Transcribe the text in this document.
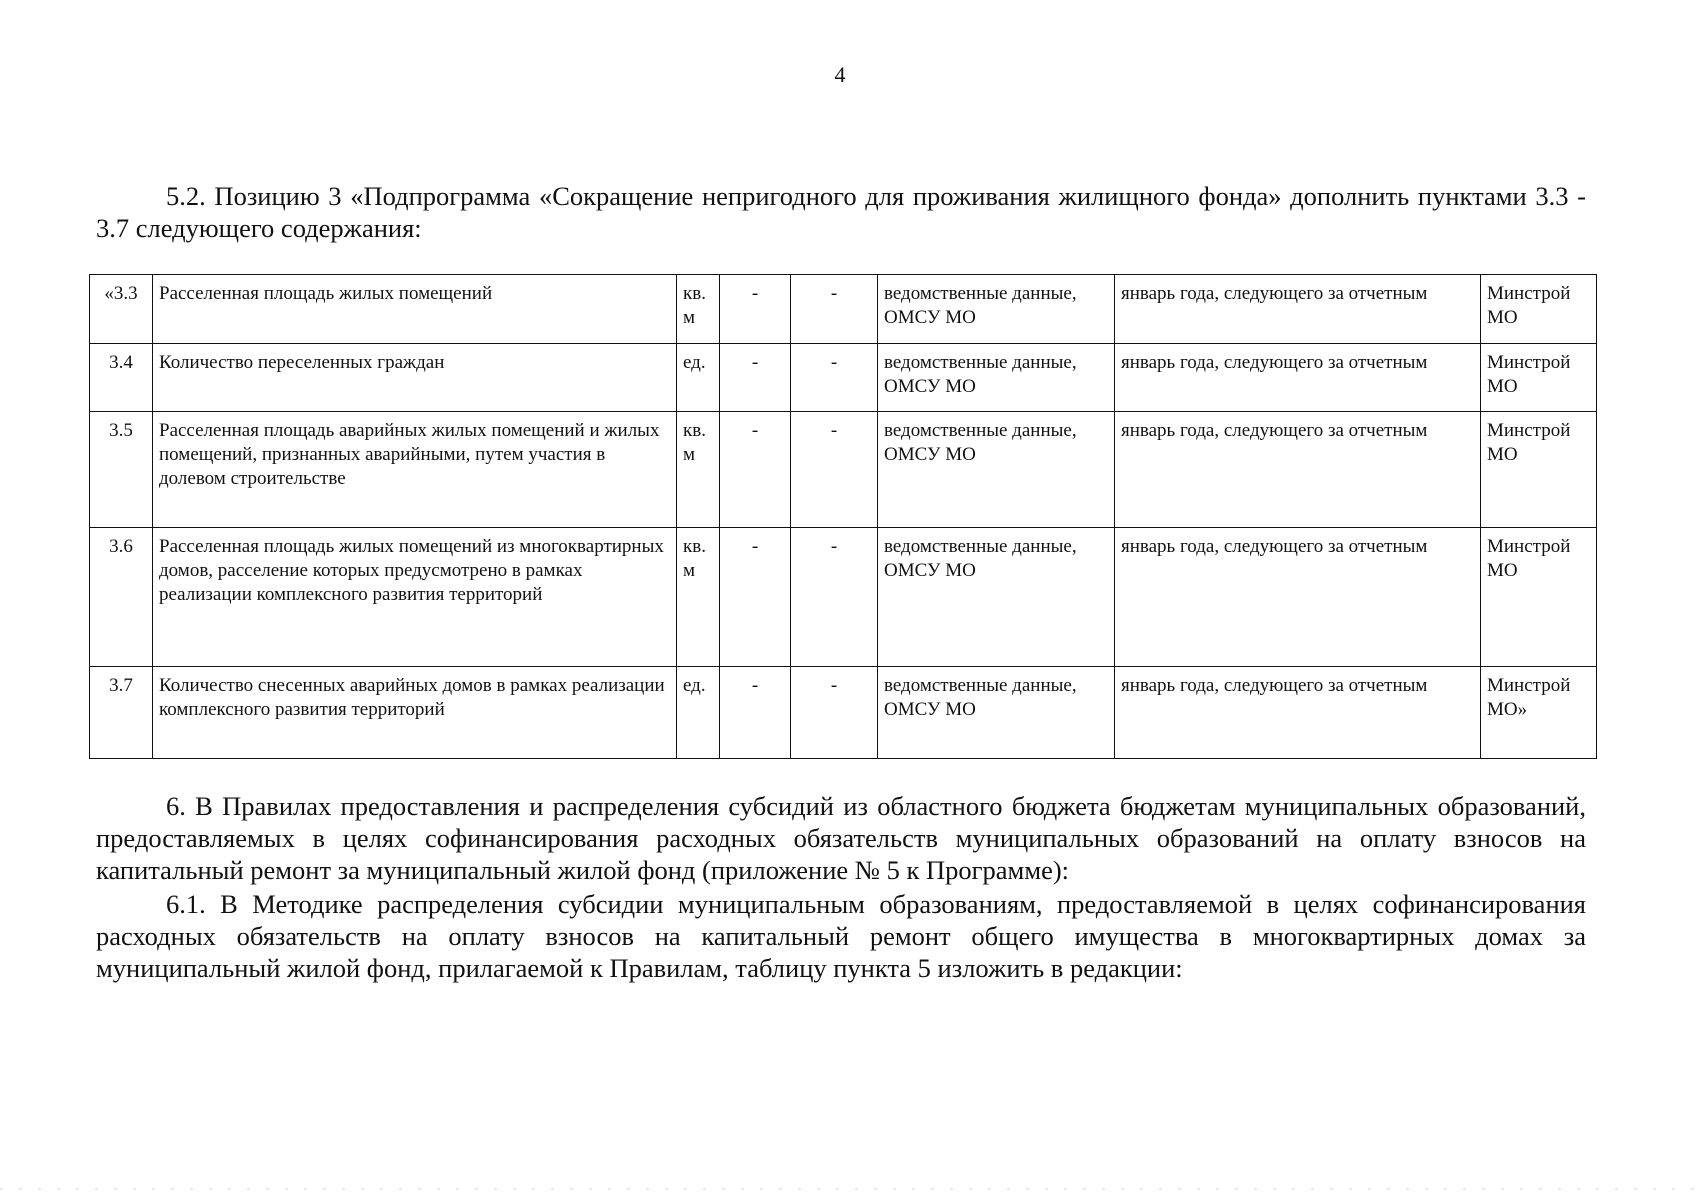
4

5.2. Позицию 3 «Подпрограмма «Сокращение непригодного для проживания жилищного фонда» дополнить пунктами 3.3 - 3.7 следующего содержания:

«3.3	Расселенная площадь жилых помещений	кв. м	-	-	ведомственные данные, ОМСУ МО	январь года, следующего за отчетным	Минстрой МО
3.4	Количество переселенных граждан	ед.	-	-	ведомственные данные, ОМСУ МО	январь года, следующего за отчетным	Минстрой МО
3.5	Расселенная площадь аварийных жилых помещений и жилых помещений, признанных аварийными, путем участия в долевом строительстве	кв. м	-	-	ведомственные данные, ОМСУ МО	январь года, следующего за отчетным	Минстрой МО
3.6	Расселенная площадь жилых помещений из многоквартирных домов, расселение которых предусмотрено в рамках реализации комплексного развития территорий	кв. м	-	-	ведомственные данные, ОМСУ МО	январь года, следующего за отчетным	Минстрой МО
3.7	Количество снесенных аварийных домов в рамках реализации комплексного развития территорий	ед.	-	-	ведомственные данные, ОМСУ МО	январь года, следующего за отчетным	Минстрой МО»

6. В Правилах предоставления и распределения субсидий из областного бюджета бюджетам муниципальных образований, предоставляемых в целях софинансирования расходных обязательств муниципальных образований на оплату взносов на капитальный ремонт за муниципальный жилой фонд (приложение № 5 к Программе):

6.1. В Методике распределения субсидии муниципальным образованиям, предоставляемой в целях софинансирования расходных обязательств на оплату взносов на капитальный ремонт общего имущества в многоквартирных домах за муниципальный жилой фонд, прилагаемой к Правилам, таблицу пункта 5 изложить в редакции:
